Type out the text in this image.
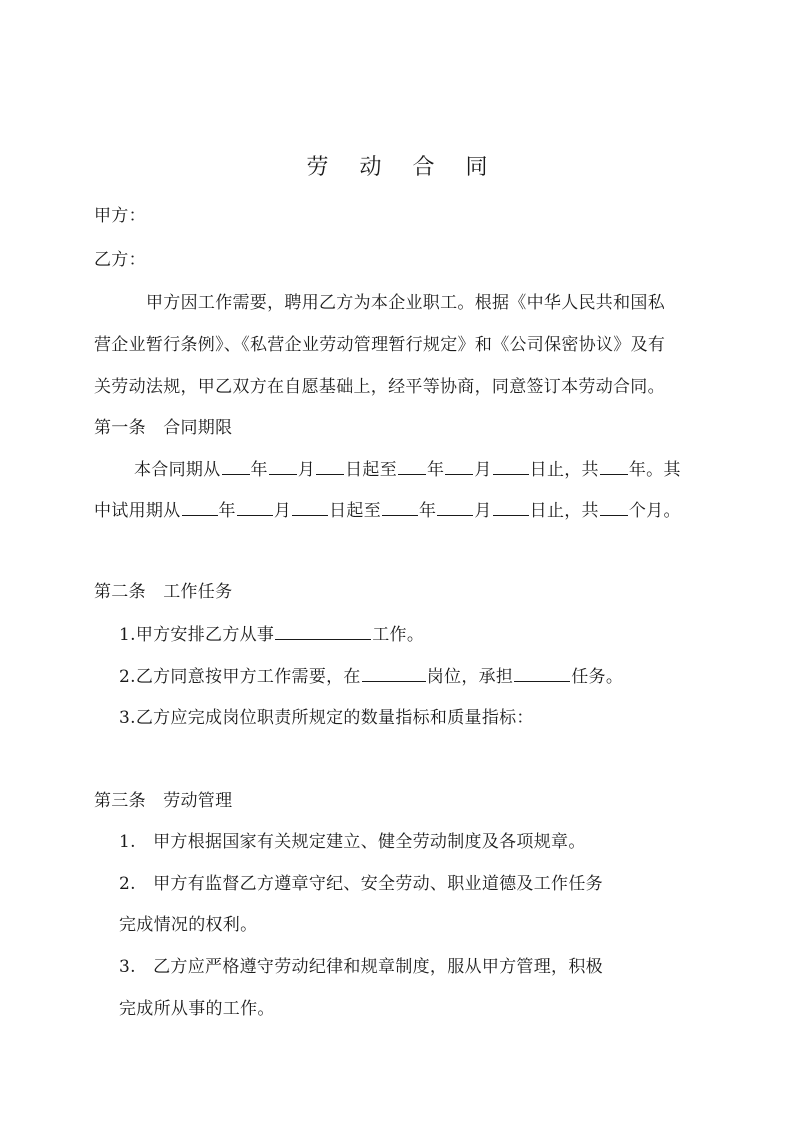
劳 动 合 同
甲方：
乙方：
甲方因工作需要，聘用乙方为本企业职工。根据《中华人民共和国私
营企业暂行条例》、《私营企业劳动管理暂行规定》和《公司保密协议》及有
关劳动法规，甲乙双方在自愿基础上，经平等协商，同意签订本劳动合同。
第一条　合同期限
本合同期从 年 月 日起至 年 月 日止，共 年。其
中试用期从 年 月 日起至 年 月 日止，共 个月。
第二条　工作任务
1.甲方安排乙方从事	工作。
2.乙方同意按甲方工作需要，在	岗位，承担	任务。
3.乙方应完成岗位职责所规定的数量指标和质量指标：
第三条　劳动管理
1.　甲方根据国家有关规定建立、健全劳动制度及各项规章。
2.　甲方有监督乙方遵章守纪、安全劳动、职业道德及工作任务
完成情况的权利。
3.　乙方应严格遵守劳动纪律和规章制度，服从甲方管理，积极
完成所从事的工作。
